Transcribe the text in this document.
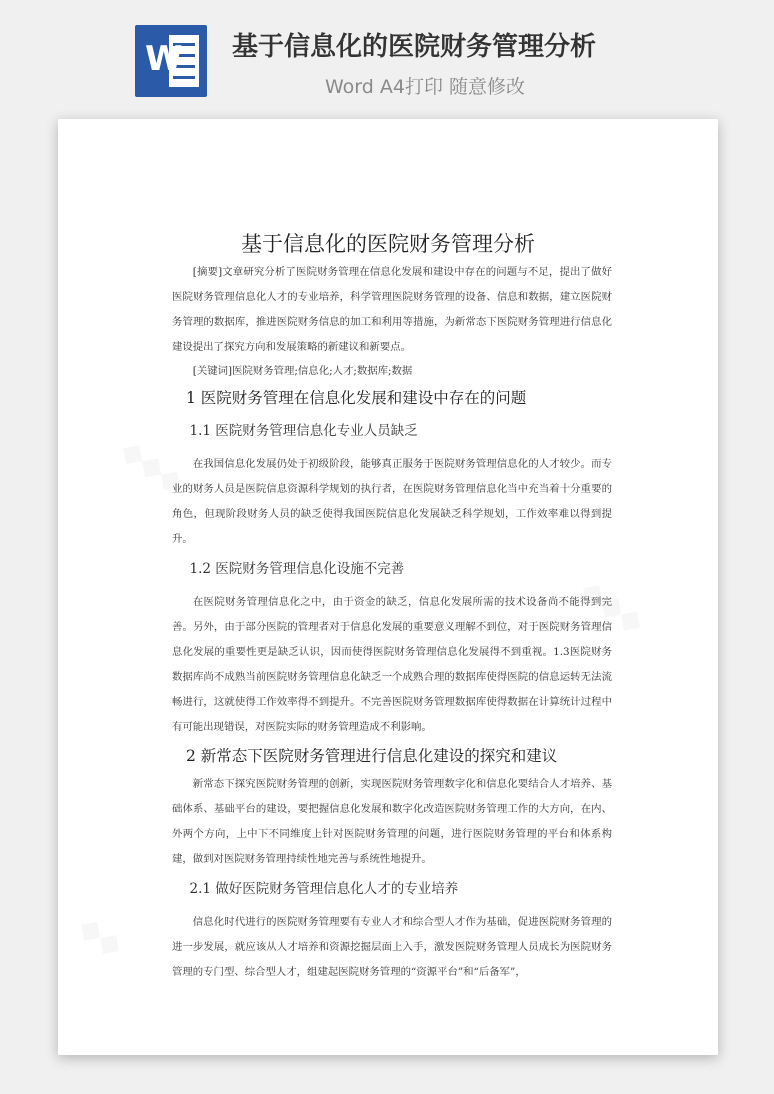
W 基于信息化的医院财务管理分析
Word A4打印 随意修改
◆◆◆
◆◆◆
◆◆
基于信息化的医院财务管理分析

[摘要]文章研究分析了医院财务管理在信息化发展和建设中存在的问题与不足，提出了做好医院财务管理信息化人才的专业培养，科学管理医院财务管理的设备、信息和数据，建立医院财务管理的数据库，推进医院财务信息的加工和利用等措施，为新常态下医院财务管理进行信息化建设提出了探究方向和发展策略的新建议和新要点。

[关键词]医院财务管理;信息化;人才;数据库;数据

1 医院财务管理在信息化发展和建设中存在的问题

1.1 医院财务管理信息化专业人员缺乏

在我国信息化发展仍处于初级阶段，能够真正服务于医院财务管理信息化的人才较少。而专业的财务人员是医院信息资源科学规划的执行者，在医院财务管理信息化当中充当着十分重要的角色，但现阶段财务人员的缺乏使得我国医院信息化发展缺乏科学规划，工作效率难以得到提升。

1.2 医院财务管理信息化设施不完善

在医院财务管理信息化之中，由于资金的缺乏，信息化发展所需的技术设备尚不能得到完善。另外，由于部分医院的管理者对于信息化发展的重要意义理解不到位，对于医院财务管理信息化发展的重要性更是缺乏认识，因而使得医院财务管理信息化发展得不到重视。1.3医院财务数据库尚不成熟当前医院财务管理信息化缺乏一个成熟合理的数据库使得医院的信息运转无法流畅进行，这就使得工作效率得不到提升。不完善医院财务管理数据库使得数据在计算统计过程中有可能出现错误，对医院实际的财务管理造成不利影响。

2 新常态下医院财务管理进行信息化建设的探究和建议

新常态下探究医院财务管理的创新，实现医院财务管理数字化和信息化要结合人才培养、基础体系、基础平台的建设，要把握信息化发展和数字化改造医院财务管理工作的大方向，在内、外两个方向，上中下不同维度上针对医院财务管理的问题，进行医院财务管理的平台和体系构建，做到对医院财务管理持续性地完善与系统性地提升。

2.1 做好医院财务管理信息化人才的专业培养

信息化时代进行的医院财务管理要有专业人才和综合型人才作为基础，促进医院财务管理的进一步发展，就应该从人才培养和资源挖掘层面上入手，激发医院财务管理人员成长为医院财务管理的专门型、综合型人才，组建起医院财务管理的“资源平台”和“后备军”，
